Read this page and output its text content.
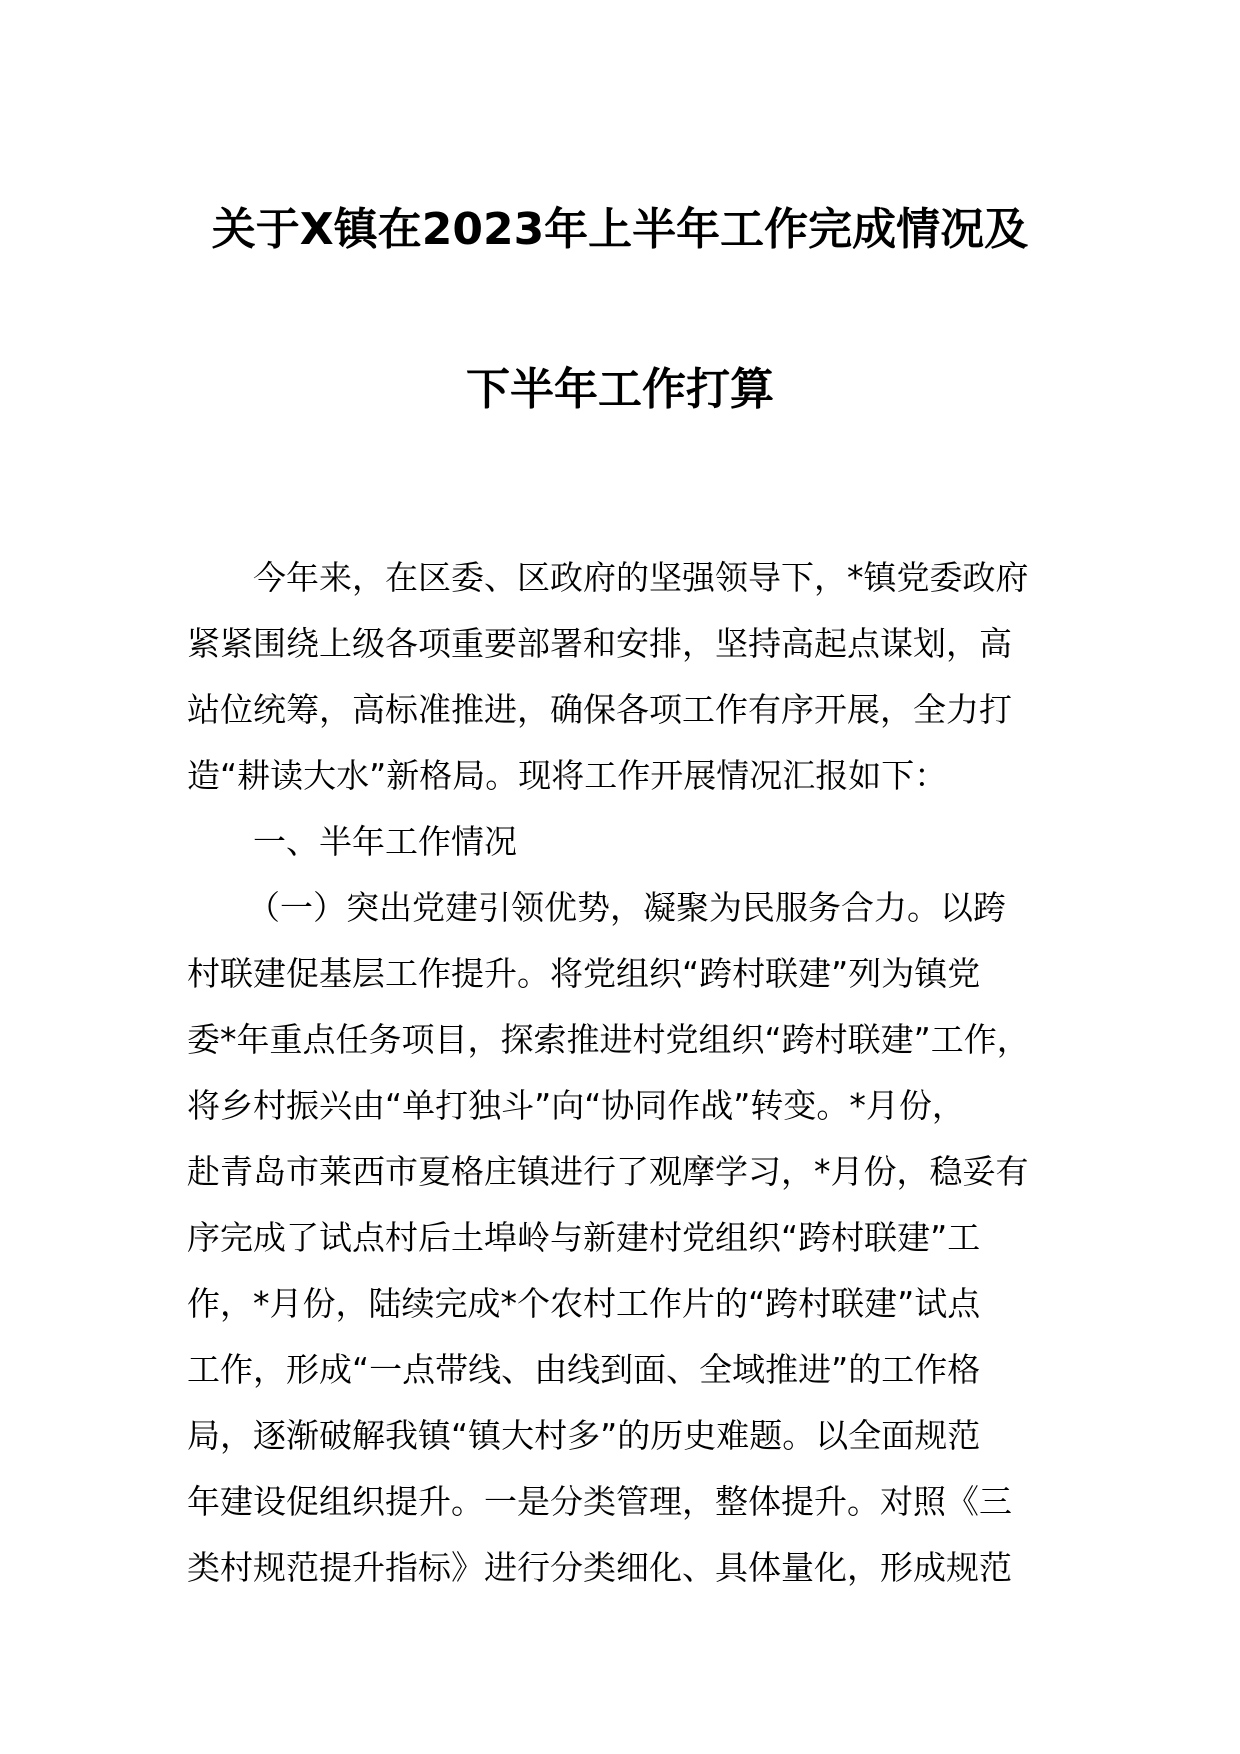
关于X镇在2023年上半年工作完成情况及
下半年工作打算
今年来，在区委、区政府的坚强领导下，*镇党委政府
紧紧围绕上级各项重要部署和安排，坚持高起点谋划，高
站位统筹，高标准推进，确保各项工作有序开展，全力打
造“耕读大水”新格局。现将工作开展情况汇报如下：
一、半年工作情况
（一）突出党建引领优势，凝聚为民服务合力。以跨
村联建促基层工作提升。将党组织“跨村联建”列为镇党
委*年重点任务项目，探索推进村党组织“跨村联建”工作，
将乡村振兴由“单打独斗”向“协同作战”转变。*月份，
赴青岛市莱西市夏格庄镇进行了观摩学习，*月份，稳妥有
序完成了试点村后土埠岭与新建村党组织“跨村联建”工
作，*月份，陆续完成*个农村工作片的“跨村联建”试点
工作，形成“一点带线、由线到面、全域推进”的工作格
局，逐渐破解我镇“镇大村多”的历史难题。以全面规范
年建设促组织提升。一是分类管理，整体提升。对照《三
类村规范提升指标》进行分类细化、具体量化，形成规范
